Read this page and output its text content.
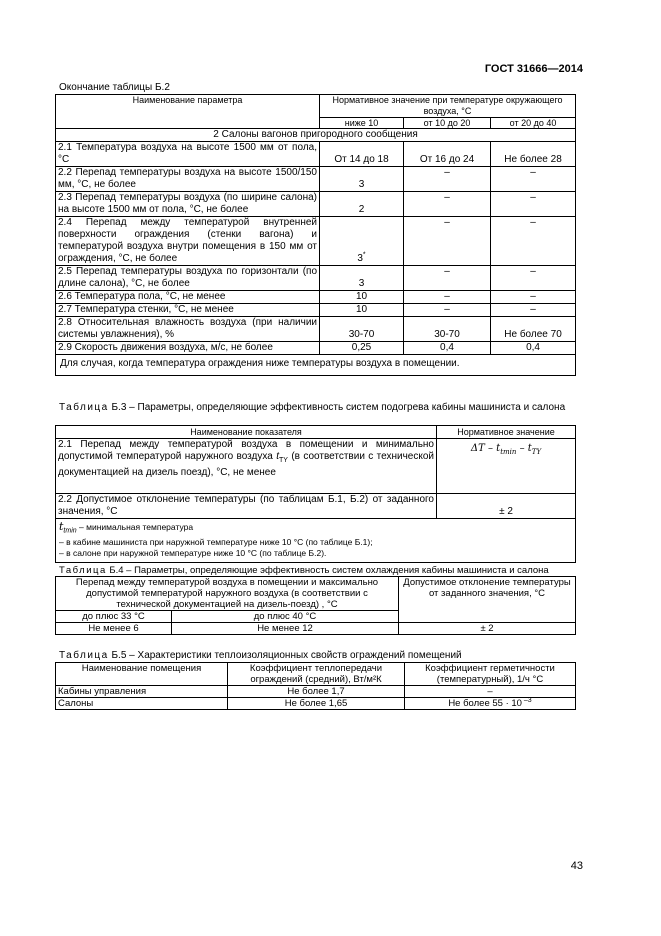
ГОСТ 31666—2014
Окончание таблицы Б.2
Наименование параметра	Нормативное значение при температуре окружающего воздуха, °С		
	ниже 10	от 10 до 20	от 20 до 40
2 Салоны вагонов пригородного сообщения			
2.1 Температура воздуха на высоте 1500 мм от пола, °С	От 14 до 18	От 16 до 24	Не более 28
2.2 Перепад температуры воздуха на высоте 1500/150 мм, °С, не более	3	–	–
2.3 Перепад температуры воздуха (по ширине салона) на высоте 1500 мм от пола, °С, не более	2	–	–
2.4 Перепад между температурой внутренней поверхности ограждения (стенки вагона) и температурой воздуха внутри помещения в 150 мм от ограждения, °С, не более	3*	–	–
2.5 Перепад температуры воздуха по горизонтали (по длине салона), °С, не более	3	–	–
2.6 Температура пола, °С, не менее	10	–	–
2.7 Температура стенки, °С, не менее	10	–	–
2.8 Относительная влажность воздуха (при наличии системы увлажнения), %	30-70	30-70	Не более 70
2.9 Скорость движения воздуха, м/с, не более	0,25	0,4	0,4
Для случая, когда температура ограждения ниже температуры воздуха в помещении.			
Таблица Б.3 – Параметры, определяющие эффективность систем подогрева кабины машиниста и салона
Наименование показателя	Нормативное значение
2.1 Перепад между температурой воздуха в помещении и минимально допустимой температурой наружного воздуха $t_{TY}$ (в соответствии с технической документацией на дизель поезд), °С, не менее	ΔT – $t_{tmin} - t_{TY}$
2.2 Допустимое отклонение температуры (по таблицам Б.1, Б.2) от заданного значения, °С	± 2

$t_{tmin}$ – минимальная температура
– в кабине машиниста при наружной температуре ниже 10 °С (по таблице Б.1);
– в салоне при наружной температуре ниже 10 °С (по таблице Б.2).	
Таблица Б.4 – Параметры, определяющие эффективность систем охлаждения кабины машиниста и салона
Перепад между температурой воздуха в помещении и максимально допустимой температурой наружного воздуха (в соответствии с технической документацией на дизель-поезд) , °С		Допустимое отклонение температуры от заданного значения, °С
до плюс 33 °С	до плюс 40 °С	
Не менее 6	Не менее 12	± 2
Таблица Б.5 – Характеристики теплоизоляционных свойств ограждений помещений
Наименование помещения	Коэффициент теплопередачи ограждений (средний), Вт/м²К	Коэффициент герметичности (температурный), 1/ч °С
Кабины управления	Не более 1,7	–
Салоны	Не более 1,65	Не более 55 · 10 $^{-3}$
43
